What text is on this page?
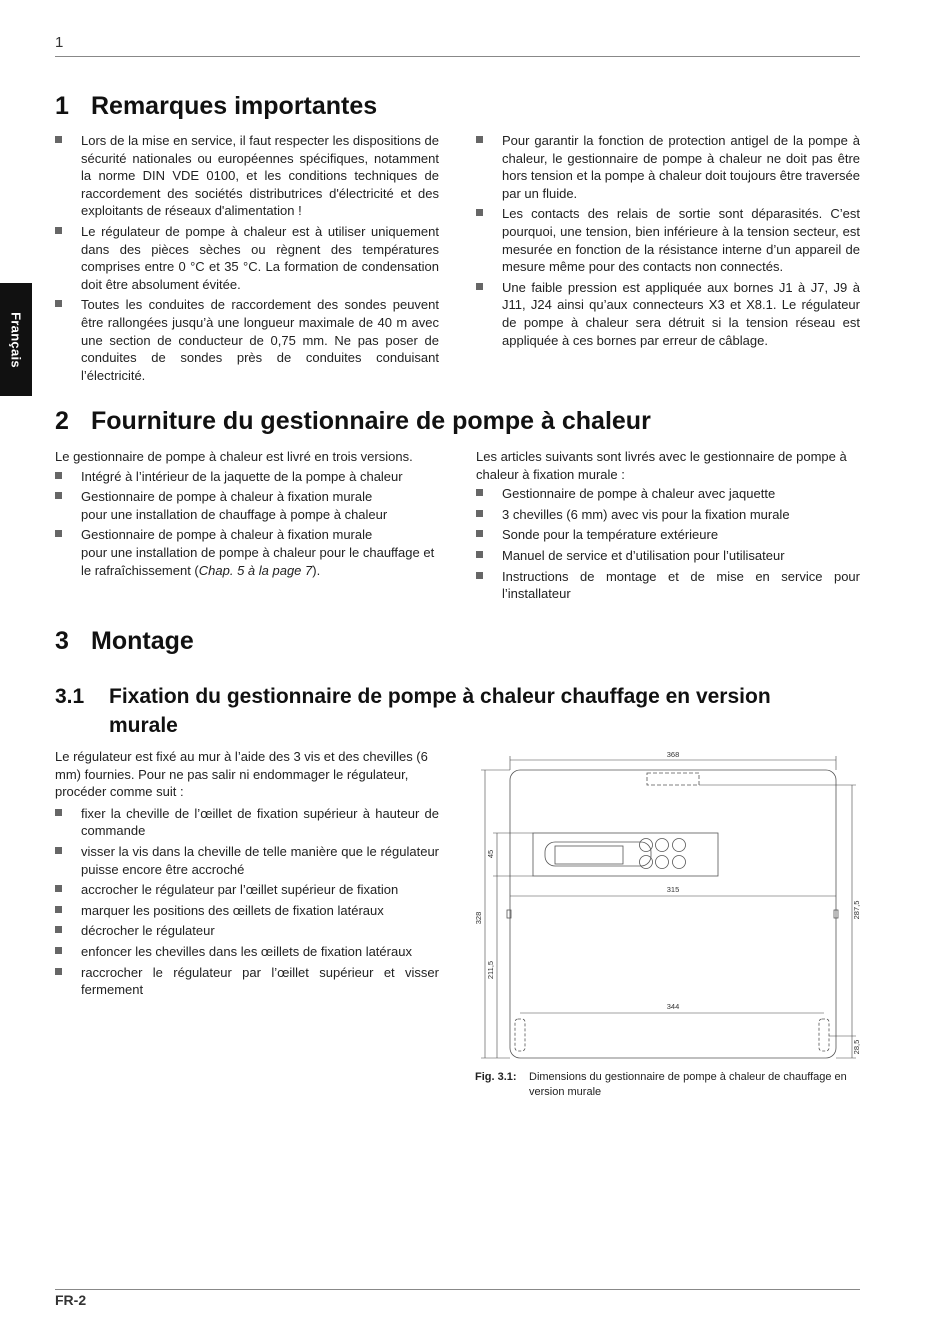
1
Français
1 Remarques importantes
Lors de la mise en service, il faut respecter les dispositions de sécurité nationales ou européennes spécifiques, notamment la norme DIN VDE 0100, et les conditions techniques de raccordement des sociétés distributrices d'électricité et des exploitants de réseaux d'alimentation !
Le régulateur de pompe à chaleur est à utiliser uniquement dans des pièces sèches ou règnent des températures comprises entre 0 °C et 35 °C. La formation de condensation doit être absolument évitée.
Toutes les conduites de raccordement des sondes peuvent être rallongées jusqu’à une longueur maximale de 40 m avec une section de conducteur de 0,75 mm. Ne pas poser de conduites de sondes près de conduites conduisant l’électricité.
Pour garantir la fonction de protection antigel de la pompe à chaleur, le gestionnaire de pompe à chaleur ne doit pas être hors tension et la pompe à chaleur doit toujours être traversée par un fluide.
Les contacts des relais de sortie sont déparasités. C’est pourquoi, une tension, bien inférieure à la tension secteur, est mesurée en fonction de la résistance interne d’un appareil de mesure même pour des contacts non connectés.
Une faible pression est appliquée aux bornes J1 à J7, J9 à J11, J24 ainsi qu’aux connecteurs X3 et X8.1. Le régulateur de pompe à chaleur sera détruit si la tension réseau est appliquée à ces bornes par erreur de câblage.
2 Fourniture du gestionnaire de pompe à chaleur

Le gestionnaire de pompe à chaleur est livré en trois versions.

Intégré à l’intérieur de la jaquette de la pompe à chaleur
Gestionnaire de pompe à chaleur à fixation murale
pour une installation de chauffage à pompe à chaleur
Gestionnaire de pompe à chaleur à fixation murale
pour une installation de pompe à chaleur pour le chauffage et le rafraîchissement (Chap. 5 à la page 7).

Les articles suivants sont livrés avec le gestionnaire de pompe à chaleur à fixation murale :

Gestionnaire de pompe à chaleur avec jaquette
3 chevilles (6 mm) avec vis pour la fixation murale
Sonde pour la température extérieure
Manuel de service et d’utilisation pour l’utilisateur
Instructions de montage et de mise en service pour l’installateur
3 Montage
3.1	Fixation du gestionnaire de pompe à chaleur chauffage en version murale

Le régulateur est fixé au mur à l’aide des 3 vis et des chevilles (6 mm) fournies. Pour ne pas salir ni endommager le régulateur, procéder comme suit :

fixer la cheville de l’œillet de fixation supérieur à hauteur de commande
visser la vis dans la cheville de telle manière que le régulateur puisse encore être accroché
accrocher le régulateur par l’œillet supérieur de fixation
marquer les positions des œillets de fixation latéraux
décrocher le régulateur
enfoncer les chevilles dans les œillets de fixation latéraux
raccrocher le régulateur par l’œillet supérieur et visser fermement
368
315
344
328
211,5
45
287,5
28,5
Fig. 3.1: Dimensions du gestionnaire de pompe à chaleur de chauffage en version murale
FR-2
